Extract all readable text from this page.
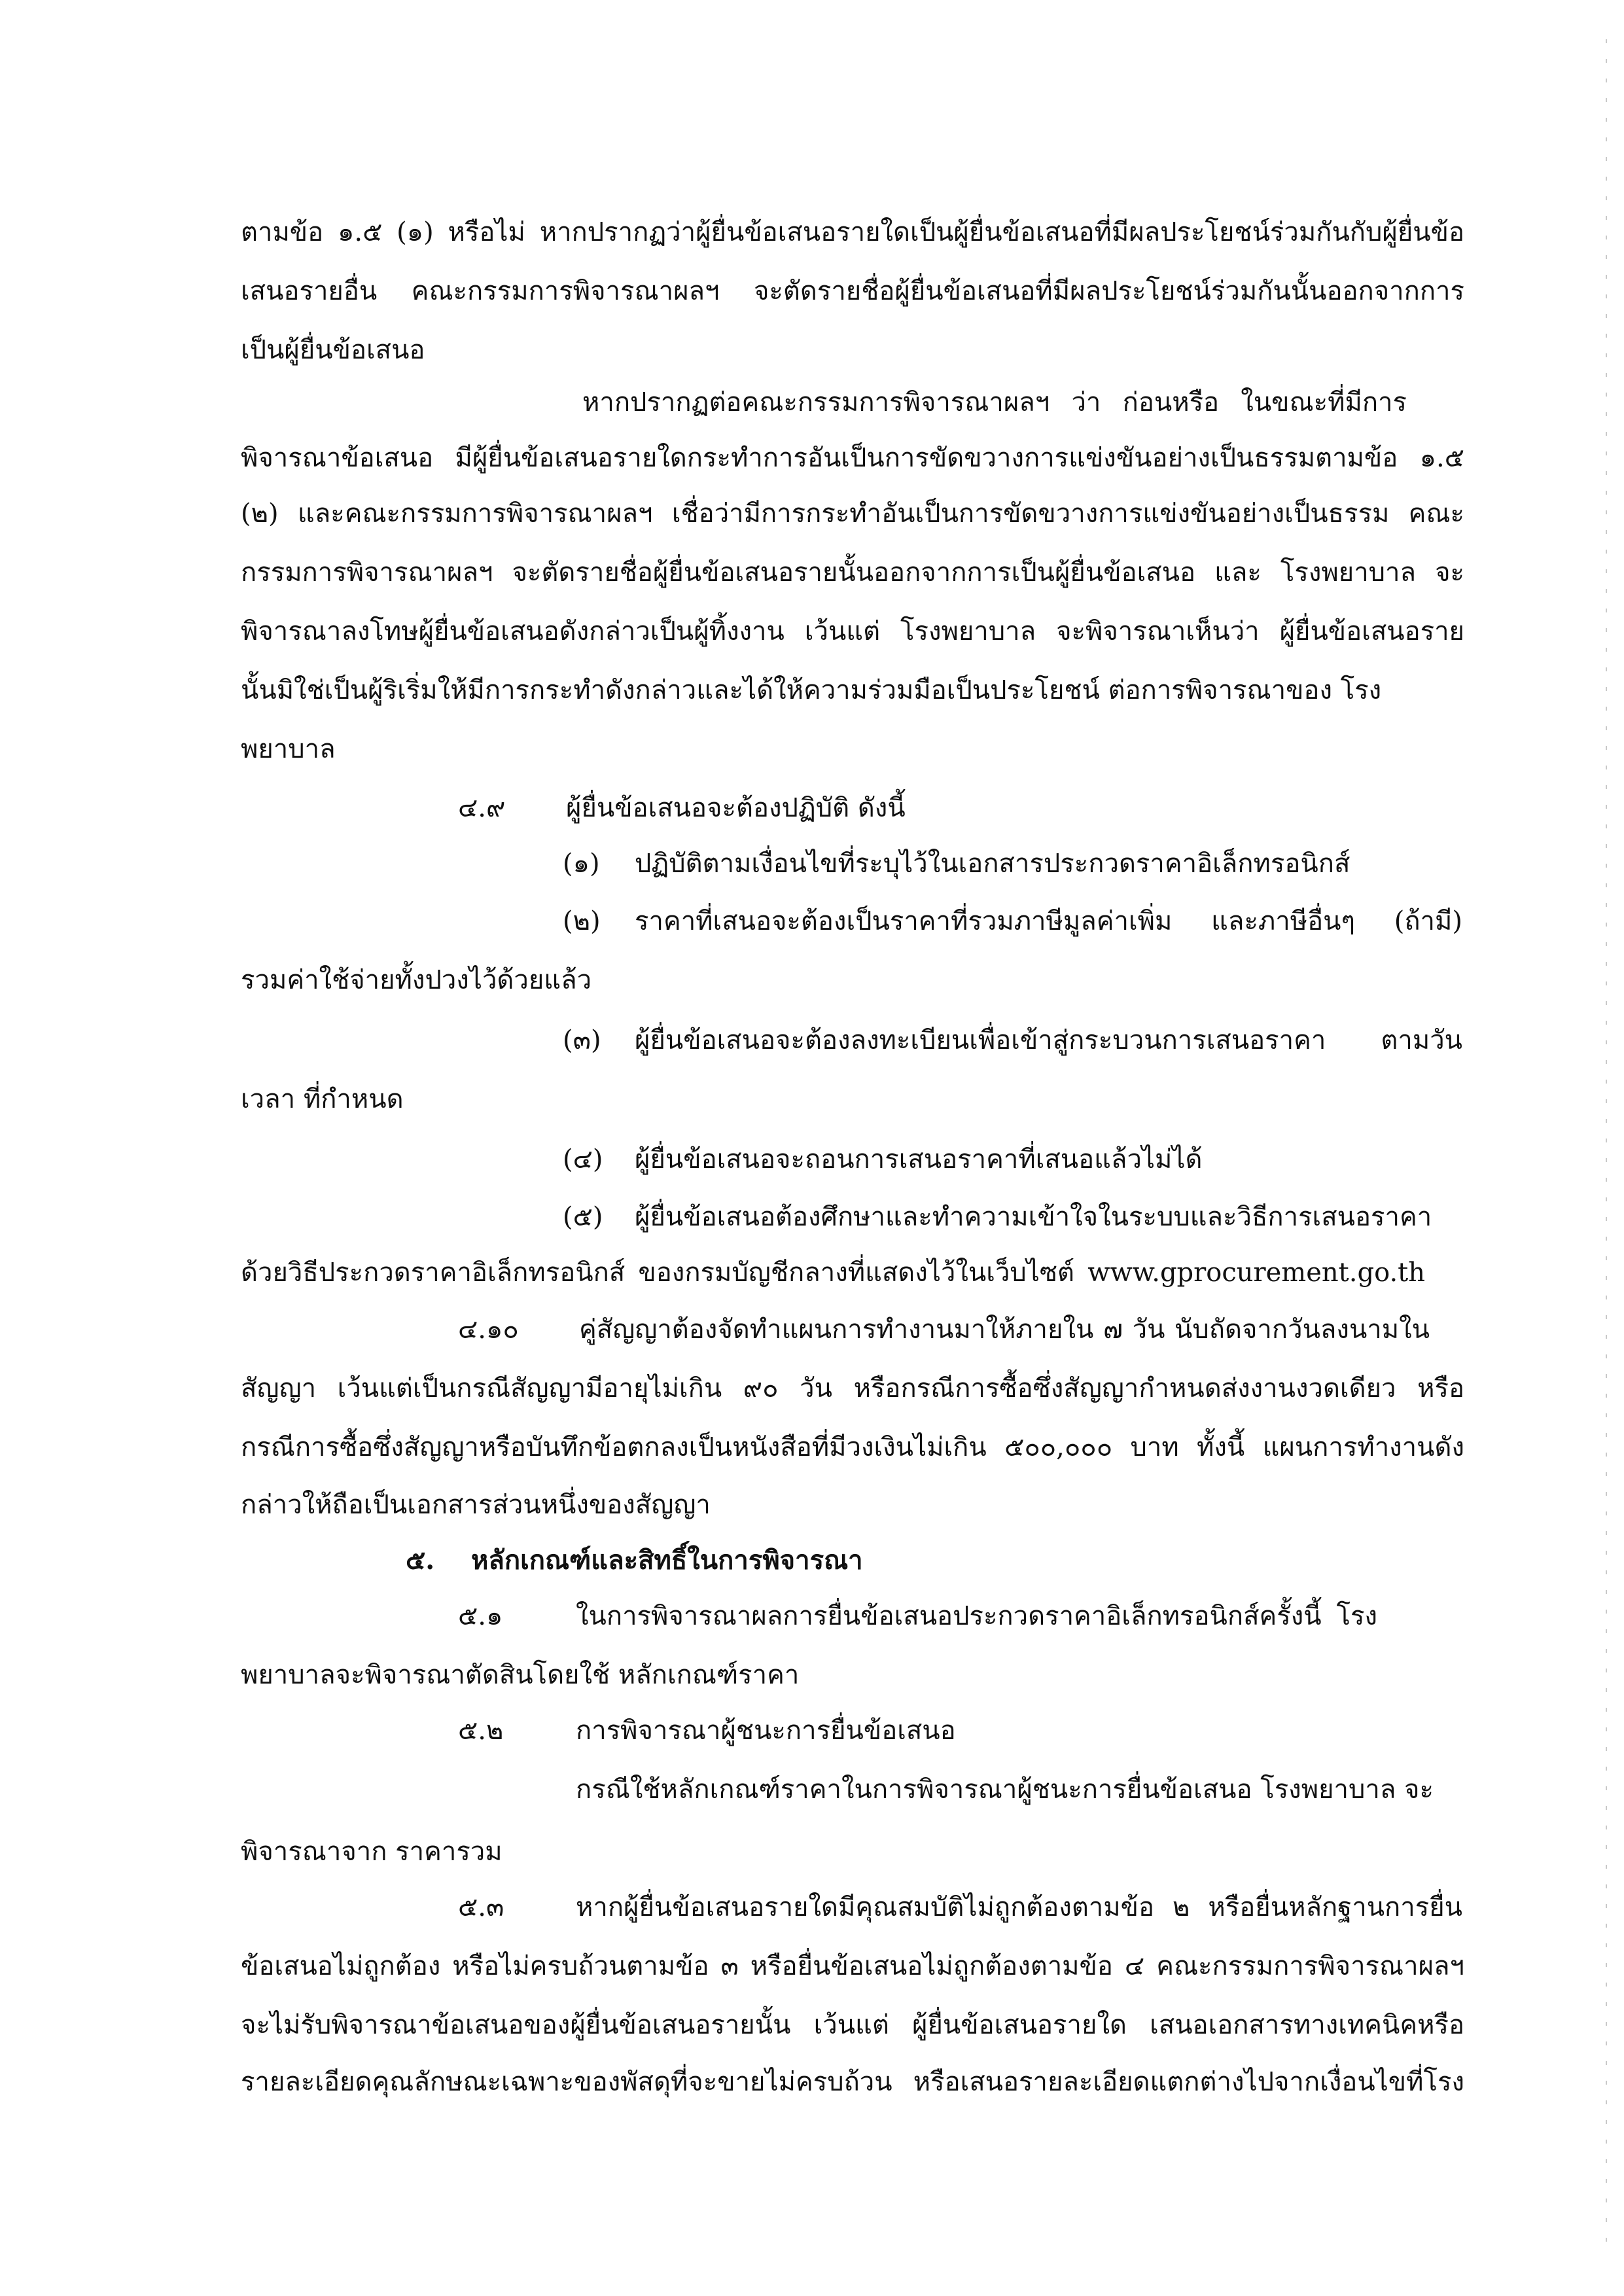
ตามข้อ ๑.๕ (๑) หรือไม่ หากปรากฏว่าผู้ยื่นข้อเสนอรายใดเป็นผู้ยื่นข้อเสนอที่มีผลประโยชน์ร่วมกันกับผู้ยื่นข้อ
เสนอรายอื่น คณะกรรมการพิจารณาผลฯ จะตัดรายชื่อผู้ยื่นข้อเสนอที่มีผลประโยชน์ร่วมกันนั้นออกจากการ
เป็นผู้ยื่นข้อเสนอ
หากปรากฏต่อคณะกรรมการพิจารณาผลฯ ว่า ก่อนหรือ ในขณะที่มีการ
พิจารณาข้อเสนอ มีผู้ยื่นข้อเสนอรายใดกระทำการอันเป็นการขัดขวางการแข่งขันอย่างเป็นธรรมตามข้อ ๑.๕
(๒) และคณะกรรมการพิจารณาผลฯ เชื่อว่ามีการกระทำอันเป็นการขัดขวางการแข่งขันอย่างเป็นธรรม คณะ
กรรมการพิจารณาผลฯ จะตัดรายชื่อผู้ยื่นข้อเสนอรายนั้นออกจากการเป็นผู้ยื่นข้อเสนอ และ โรงพยาบาล จะ
พิจารณาลงโทษผู้ยื่นข้อเสนอดังกล่าวเป็นผู้ทิ้งงาน เว้นแต่ โรงพยาบาล จะพิจารณาเห็นว่า ผู้ยื่นข้อเสนอราย
นั้นมิใช่เป็นผู้ริเริ่มให้มีการกระทำดังกล่าวและได้ให้ความร่วมมือเป็นประโยชน์ ต่อการพิจารณาของ โรง
พยาบาล
๔.๙ ผู้ยื่นข้อเสนอจะต้องปฏิบัติ ดังนี้
(๑) ปฏิบัติตามเงื่อนไขที่ระบุไว้ในเอกสารประกวดราคาอิเล็กทรอนิกส์
(๒) ราคาที่เสนอจะต้องเป็นราคาที่รวมภาษีมูลค่าเพิ่ม และภาษีอื่นๆ (ถ้ามี)
รวมค่าใช้จ่ายทั้งปวงไว้ด้วยแล้ว
(๓) ผู้ยื่นข้อเสนอจะต้องลงทะเบียนเพื่อเข้าสู่กระบวนการเสนอราคา ตามวัน
เวลา ที่กำหนด
(๔) ผู้ยื่นข้อเสนอจะถอนการเสนอราคาที่เสนอแล้วไม่ได้
(๕) ผู้ยื่นข้อเสนอต้องศึกษาและทำความเข้าใจในระบบและวิธีการเสนอราคา
ด้วยวิธีประกวดราคาอิเล็กทรอนิกส์ ของกรมบัญชีกลางที่แสดงไว้ในเว็บไซต์ www.gprocurement.go.th
๔.๑๐ คู่สัญญาต้องจัดทำแผนการทำงานมาให้ภายใน ๗ วัน นับถัดจากวันลงนามใน
สัญญา เว้นแต่เป็นกรณีสัญญามีอายุไม่เกิน ๙๐ วัน หรือกรณีการซื้อซึ่งสัญญากำหนดส่งงานงวดเดียว หรือ
กรณีการซื้อซึ่งสัญญาหรือบันทึกข้อตกลงเป็นหนังสือที่มีวงเงินไม่เกิน ๕๐๐,๐๐๐ บาท ทั้งนี้ แผนการทำงานดัง
กล่าวให้ถือเป็นเอกสารส่วนหนึ่งของสัญญา
๕. หลักเกณฑ์และสิทธิ์ในการพิจารณา
๕.๑	ในการพิจารณาผลการยื่นข้อเสนอประกวดราคาอิเล็กทรอนิกส์ครั้งนี้ โรง
พยาบาลจะพิจารณาตัดสินโดยใช้ หลักเกณฑ์ราคา
๕.๒	การพิจารณาผู้ชนะการยื่นข้อเสนอ
กรณีใช้หลักเกณฑ์ราคาในการพิจารณาผู้ชนะการยื่นข้อเสนอ โรงพยาบาล จะ
พิจารณาจาก ราคารวม
๕.๓	หากผู้ยื่นข้อเสนอรายใดมีคุณสมบัติไม่ถูกต้องตามข้อ ๒ หรือยื่นหลักฐานการยื่น
ข้อเสนอไม่ถูกต้อง หรือไม่ครบถ้วนตามข้อ ๓ หรือยื่นข้อเสนอไม่ถูกต้องตามข้อ ๔ คณะกรรมการพิจารณาผลฯ
จะไม่รับพิจารณาข้อเสนอของผู้ยื่นข้อเสนอรายนั้น เว้นแต่ ผู้ยื่นข้อเสนอรายใด เสนอเอกสารทางเทคนิคหรือ
รายละเอียดคุณลักษณะเฉพาะของพัสดุที่จะขายไม่ครบถ้วน หรือเสนอรายละเอียดแตกต่างไปจากเงื่อนไขที่โรง
